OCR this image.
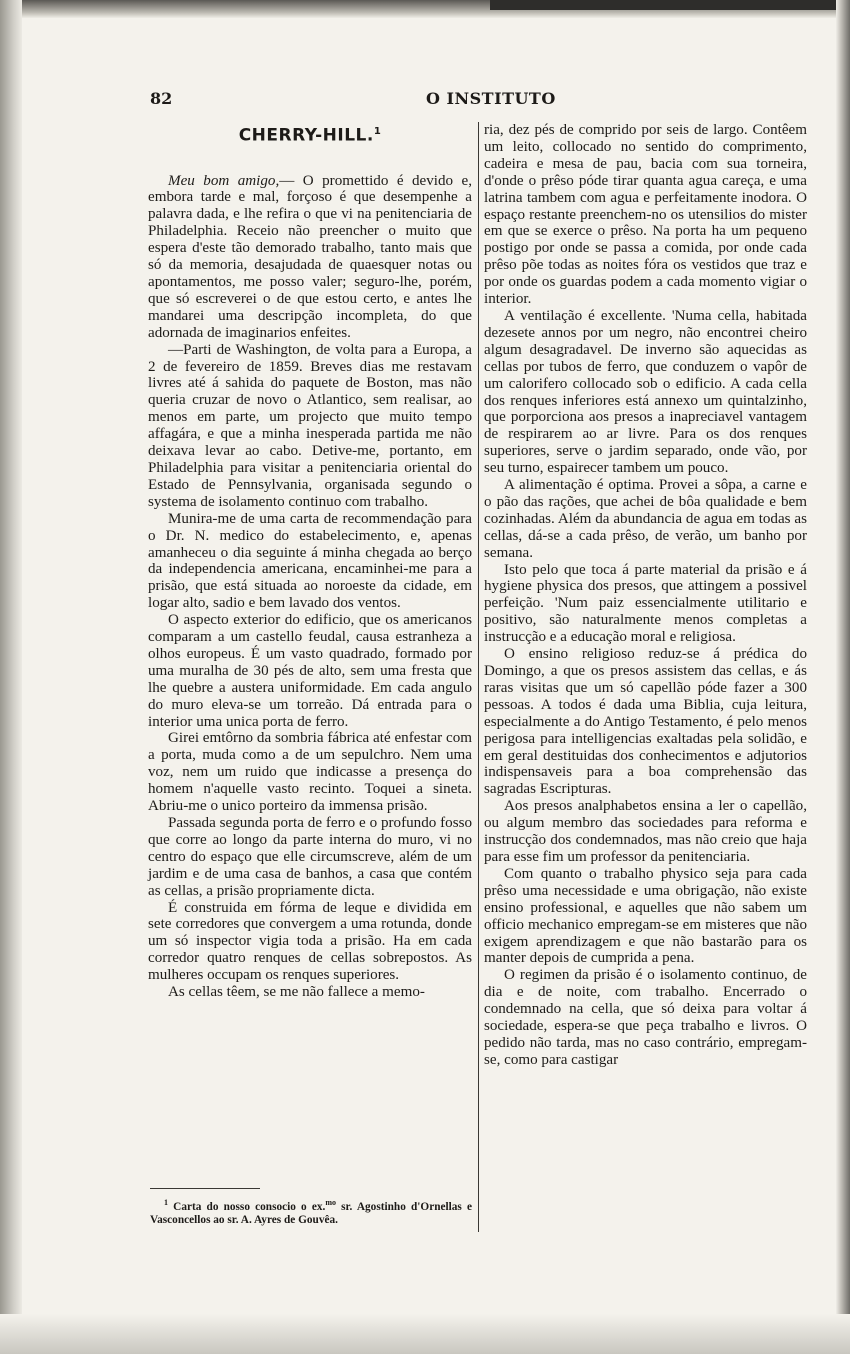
82	O INSTITUTO
CHERRY-HILL.$^1$

Meu bom amigo,— O promettido é devido e, embora tarde e mal, forçoso é que desempenhe a palavra dada, e lhe refira o que vi na penitenciaria de Philadelphia. Receio não preencher o muito que espera d'este tão demorado trabalho, tanto mais que só da memoria, desajudada de quaesquer notas ou apontamentos, me posso valer; seguro-lhe, porém, que só escreverei o de que estou certo, e antes lhe mandarei uma descripção incompleta, do que adornada de imaginarios enfeites.

—Parti de Washington, de volta para a Europa, a 2 de fevereiro de 1859. Breves dias me restavam livres até á sahida do paquete de Boston, mas não queria cruzar de novo o Atlantico, sem realisar, ao menos em parte, um projecto que muito tempo affagára, e que a minha inesperada partida me não deixava levar ao cabo. Detive-me, portanto, em Philadelphia para visitar a penitenciaria oriental do Estado de Pennsylvania, organisada segundo o systema de isolamento continuo com trabalho.

Munira-me de uma carta de recommendação para o Dr. N. medico do estabelecimento, e, apenas amanheceu o dia seguinte á minha chegada ao berço da independencia americana, encaminhei-me para a prisão, que está situada ao noroeste da cidade, em logar alto, sadio e bem lavado dos ventos.

O aspecto exterior do edificio, que os americanos comparam a um castello feudal, causa estranheza a olhos europeus. É um vasto quadrado, formado por uma muralha de 30 pés de alto, sem uma fresta que lhe quebre a austera uniformidade. Em cada angulo do muro eleva-se um torreão. Dá entrada para o interior uma unica porta de ferro.

Girei emtôrno da sombria fábrica até enfestar com a porta, muda como a de um sepulchro. Nem uma voz, nem um ruido que indicasse a presença do homem n'aquelle vasto recinto. Toquei a sineta. Abriu-me o unico porteiro da immensa prisão.

Passada segunda porta de ferro e o profundo fosso que corre ao longo da parte interna do muro, vi no centro do espaço que elle circumscreve, além de um jardim e de uma casa de banhos, a casa que contém as cellas, a prisão propriamente dicta.

É construida em fórma de leque e dividida em sete corredores que convergem a uma rotunda, donde um só inspector vigia toda a prisão. Ha em cada corredor quatro renques de cellas sobrepostos. As mulheres occupam os renques superiores.

As cellas têem, se me não fallece a memo-

ria, dez pés de comprido por seis de largo. Contêem um leito, collocado no sentido do comprimento, cadeira e mesa de pau, bacia com sua torneira, d'onde o prêso póde tirar quanta agua careça, e uma latrina tambem com agua e perfeitamente inodora. O espaço restante preenchem-no os utensilios do mister em que se exerce o prêso. Na porta ha um pequeno postigo por onde se passa a comida, por onde cada prêso põe todas as noites fóra os vestidos que traz e por onde os guardas podem a cada momento vigiar o interior.

A ventilação é excellente. 'Numa cella, habitada dezesete annos por um negro, não encontrei cheiro algum desagradavel. De inverno são aquecidas as cellas por tubos de ferro, que conduzem o vapôr de um calorifero collocado sob o edificio. A cada cella dos renques inferiores está annexo um quintalzinho, que porporciona aos presos a inapreciavel vantagem de respirarem ao ar livre. Para os dos renques superiores, serve o jardim separado, onde vão, por seu turno, espairecer tambem um pouco.

A alimentação é optima. Provei a sôpa, a carne e o pão das rações, que achei de bôa qualidade e bem cozinhadas. Além da abundancia de agua em todas as cellas, dá-se a cada prêso, de verão, um banho por semana.

Isto pelo que toca á parte material da prisão e á hygiene physica dos presos, que attingem a possivel perfeição. 'Num paiz essencialmente utilitario e positivo, são naturalmente menos completas a instrucção e a educação moral e religiosa.

O ensino religioso reduz-se á prédica do Domingo, a que os presos assistem das cellas, e ás raras visitas que um só capellão póde fazer a 300 pessoas. A todos é dada uma Biblia, cuja leitura, especialmente a do Antigo Testamento, é pelo menos perigosa para intelligencias exaltadas pela solidão, e em geral destituidas dos conhecimentos e adjutorios indispensaveis para a boa comprehensão das sagradas Escripturas.

Aos presos analphabetos ensina a ler o capellão, ou algum membro das sociedades para reforma e instrucção dos condemnados, mas não creio que haja para esse fim um professor da penitenciaria.

Com quanto o trabalho physico seja para cada prêso uma necessidade e uma obrigação, não existe ensino professional, e aquelles que não sabem um officio mechanico empregam-se em misteres que não exigem aprendizagem e que não bastarão para os manter depois de cumprida a pena.

O regimen da prisão é o isolamento continuo, de dia e de noite, com trabalho. Encerrado o condemnado na cella, que só deixa para voltar á sociedade, espera-se que peça trabalho e livros. O pedido não tarda, mas no caso contrário, empregam-se, como para castigar

$^1$ Carta do nosso consocio o ex.$^{mo}$ sr. Agostinho d'Ornellas e Vasconcellos ao sr. A. Ayres de Gouvêa.
